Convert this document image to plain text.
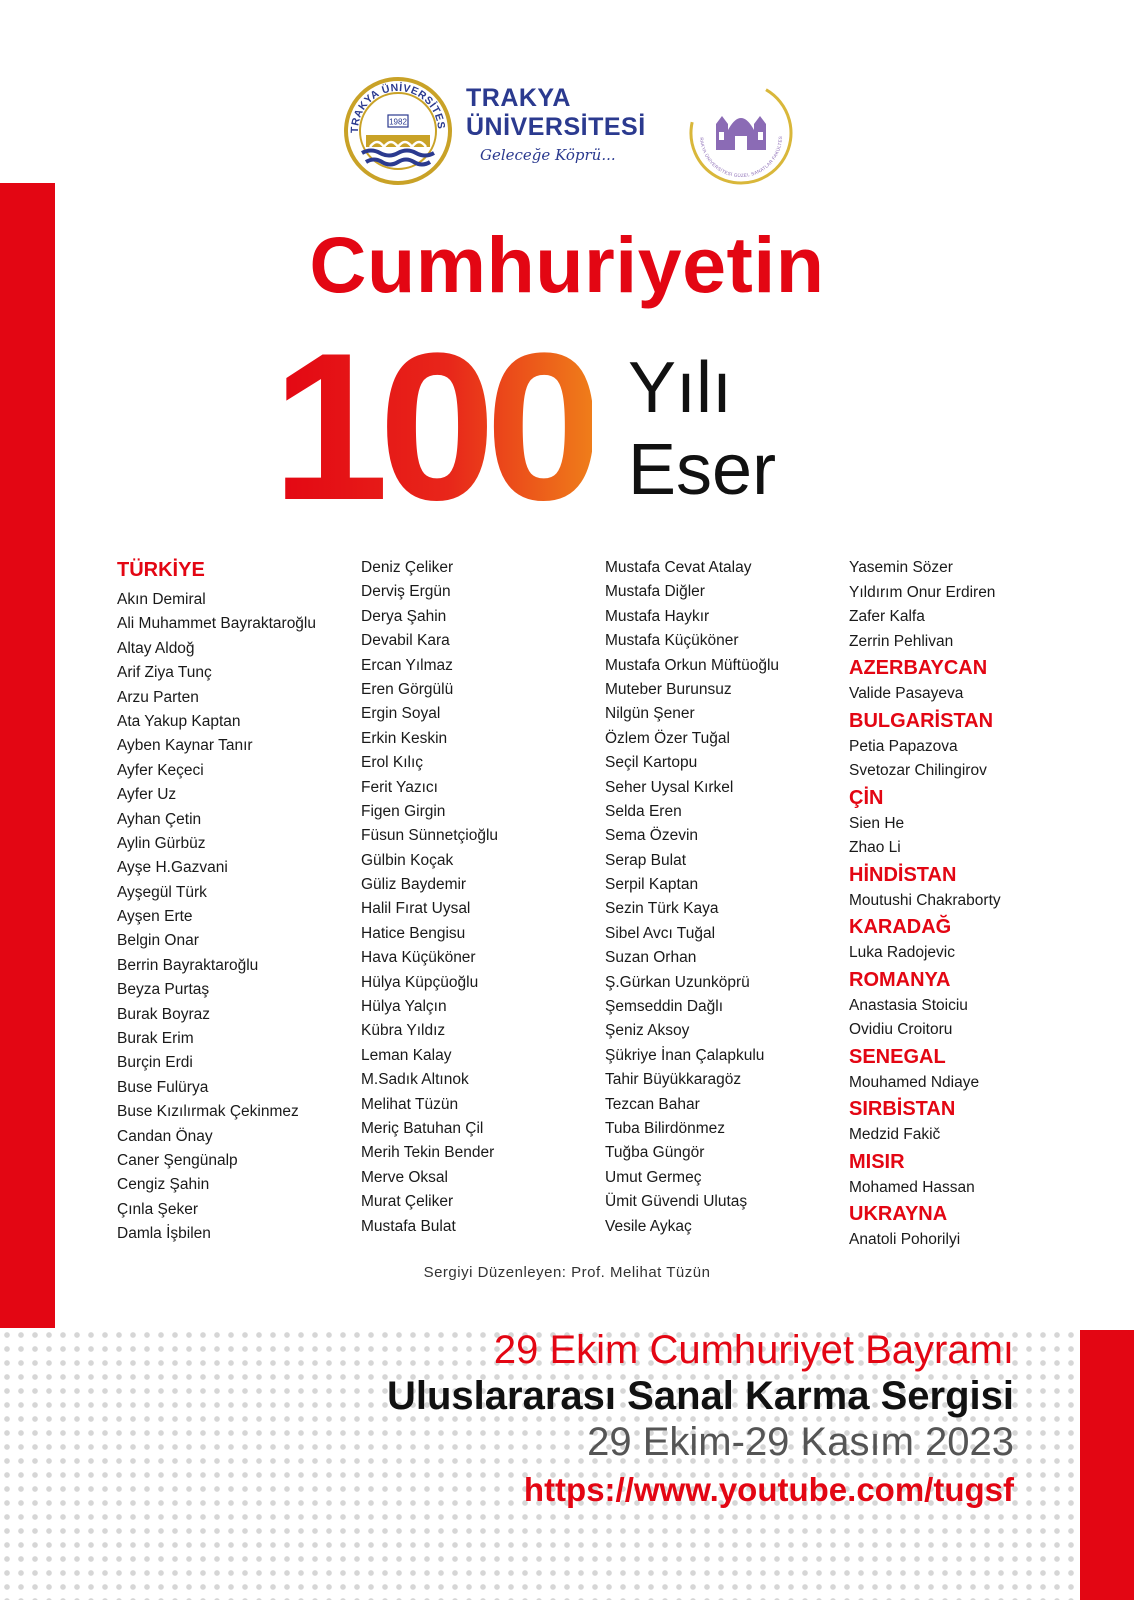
TRAKYA ÜNİVERSİTES
1982
TRAKYA
ÜNİVERSİTESİ
Geleceğe Köprü...
RAKYA ÜNİVERSİTESİ GÜZEL SANATLAR FAKÜLTES
Cumhuriyetin
100 Yılı
Eser
TÜRKİYE
Akın Demiral
Ali Muhammet Bayraktaroğlu
Altay Aldoğ
Arif Ziya Tunç
Arzu Parten
Ata Yakup Kaptan
Ayben Kaynar Tanır
Ayfer Keçeci
Ayfer Uz
Ayhan Çetin
Aylin Gürbüz
Ayşe H.Gazvani
Ayşegül Türk
Ayşen Erte
Belgin Onar
Berrin Bayraktaroğlu
Beyza Purtaş
Burak Boyraz
Burak Erim
Burçin Erdi
Buse Fulürya
Buse Kızılırmak Çekinmez
Candan Önay
Caner Şengünalp
Cengiz Şahin
Çınla Şeker
Damla İşbilen
Deniz Çeliker
Derviş Ergün
Derya Şahin
Devabil Kara
Ercan Yılmaz
Eren Görgülü
Ergin Soyal
Erkin Keskin
Erol Kılıç
Ferit Yazıcı
Figen Girgin
Füsun Sünnetçioğlu
Gülbin Koçak
Güliz Baydemir
Halil Fırat Uysal
Hatice Bengisu
Hava Küçüköner
Hülya Küpçüoğlu
Hülya Yalçın
Kübra Yıldız
Leman Kalay
M.Sadık Altınok
Melihat Tüzün
Meriç Batuhan Çil
Merih Tekin Bender
Merve Oksal
Murat Çeliker
Mustafa Bulat
Mustafa Cevat Atalay
Mustafa Diğler
Mustafa Haykır
Mustafa Küçüköner
Mustafa Orkun Müftüoğlu
Muteber Burunsuz
Nilgün Şener
Özlem Özer Tuğal
Seçil Kartopu
Seher Uysal Kırkel
Selda Eren
Sema Özevin
Serap Bulat
Serpil Kaptan
Sezin Türk Kaya
Sibel Avcı Tuğal
Suzan Orhan
Ş.Gürkan Uzunköprü
Şemseddin Dağlı
Şeniz Aksoy
Şükriye İnan Çalapkulu
Tahir Büyükkaragöz
Tezcan Bahar
Tuba Bilirdönmez
Tuğba Güngör
Umut Germeç
Ümit Güvendi Ulutaş
Vesile Aykaç
Yasemin Sözer
Yıldırım Onur Erdiren
Zafer Kalfa
Zerrin Pehlivan
AZERBAYCAN
Valide Pasayeva
BULGARİSTAN
Petia Papazova
Svetozar Chilingirov
ÇİN
Sien He
Zhao Li
HİNDİSTAN
Moutushi Chakraborty
KARADAĞ
Luka Radojevic
ROMANYA
Anastasia Stoiciu
Ovidiu Croitoru
SENEGAL
Mouhamed Ndiaye
SIRBİSTAN
Medzid Fakič
MISIR
Mohamed Hassan
UKRAYNA
Anatoli Pohorilyi
Sergiyi Düzenleyen: Prof. Melihat Tüzün
29 Ekim Cumhuriyet Bayramı
Uluslararası Sanal Karma Sergisi
29 Ekim-29 Kasım 2023
https://www.youtube.com/tugsf
